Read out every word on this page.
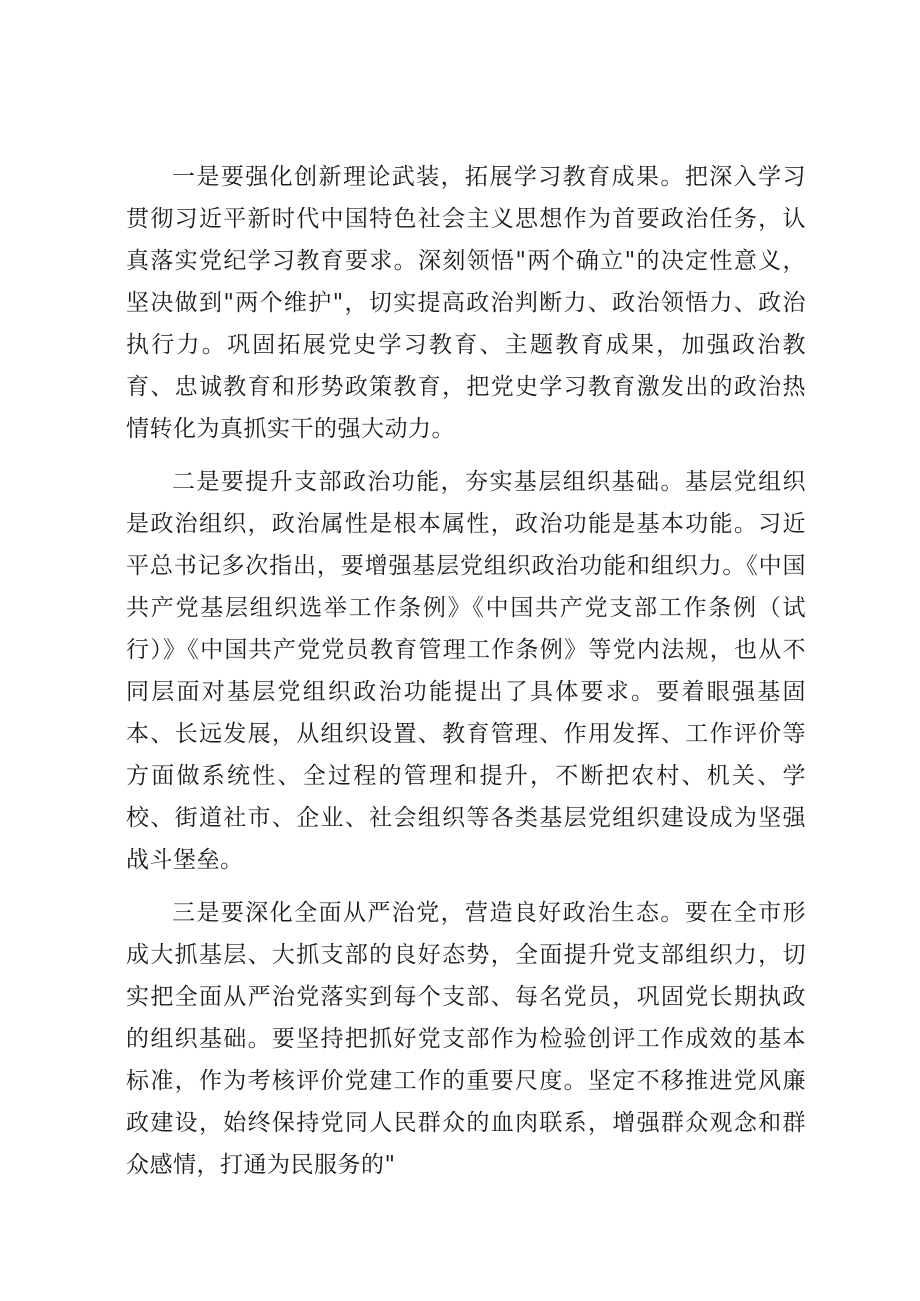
一是要强化创新理论武装，拓展学习教育成果。把深入学习贯彻习近平新时代中国特色社会主义思想作为首要政治任务，认真落实党纪学习教育要求。深刻领悟"两个确立"的决定性意义，坚决做到"两个维护"，切实提高政治判断力、政治领悟力、政治执行力。巩固拓展党史学习教育、主题教育成果，加强政治教育、忠诚教育和形势政策教育，把党史学习教育激发出的政治热情转化为真抓实干的强大动力。

二是要提升支部政治功能，夯实基层组织基础。基层党组织是政治组织，政治属性是根本属性，政治功能是基本功能。习近平总书记多次指出，要增强基层党组织政治功能和组织力。《中国共产党基层组织选举工作条例》《中国共产党支部工作条例（试行）》《中国共产党党员教育管理工作条例》等党内法规，也从不同层面对基层党组织政治功能提出了具体要求。要着眼强基固本、长远发展，从组织设置、教育管理、作用发挥、工作评价等方面做系统性、全过程的管理和提升，不断把农村、机关、学校、街道社市、企业、社会组织等各类基层党组织建设成为坚强战斗堡垒。

三是要深化全面从严治党，营造良好政治生态。要在全市形成大抓基层、大抓支部的良好态势，全面提升党支部组织力，切实把全面从严治党落实到每个支部、每名党员，巩固党长期执政的组织基础。要坚持把抓好党支部作为检验创评工作成效的基本标准，作为考核评价党建工作的重要尺度。坚定不移推进党风廉政建设，始终保持党同人民群众的血肉联系，增强群众观念和群众感情，打通为民服务的"
